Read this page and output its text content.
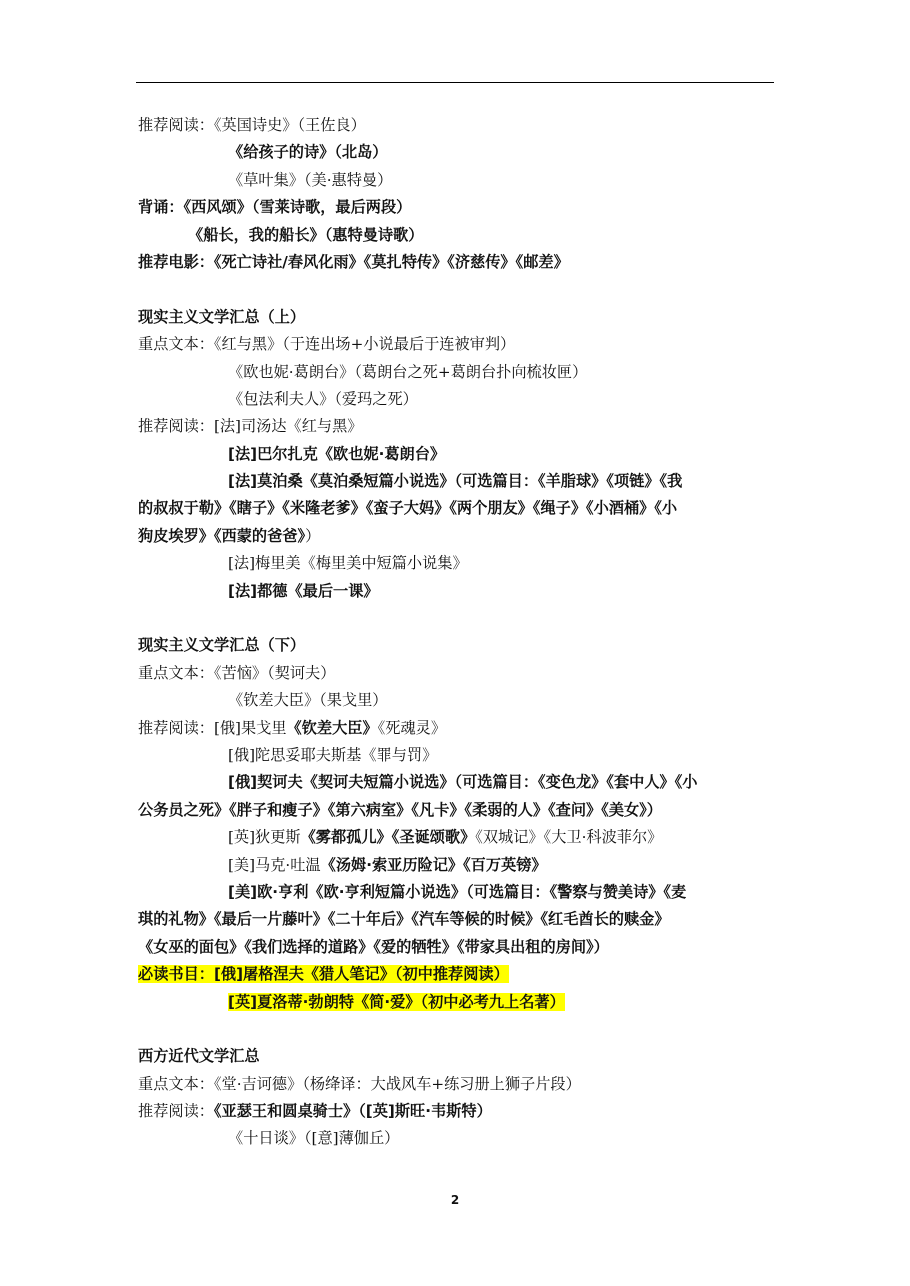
推荐阅读：《英国诗史》（王佐良）
《给孩子的诗》（北岛）
《草叶集》（美·惠特曼）
背诵：《西风颂》（雪莱诗歌，最后两段）
《船长，我的船长》（惠特曼诗歌）
推荐电影：《死亡诗社/春风化雨》《莫扎特传》《济慈传》《邮差》
现实主义文学汇总（上）
重点文本：《红与黑》（于连出场+小说最后于连被审判）
《欧也妮·葛朗台》（葛朗台之死+葛朗台扑向梳妆匣）
《包法利夫人》（爱玛之死）
推荐阅读：[法]司汤达《红与黑》
[法]巴尔扎克《欧也妮·葛朗台》
[法]莫泊桑《莫泊桑短篇小说选》（可选篇目：《羊脂球》《项链》《我
的叔叔于勒》《瞎子》《米隆老爹》《蛮子大妈》《两个朋友》《绳子》《小酒桶》《小
狗皮埃罗》《西蒙的爸爸》）
[法]梅里美《梅里美中短篇小说集》
[法]都德《最后一课》
现实主义文学汇总（下）
重点文本：《苦恼》（契诃夫）
《钦差大臣》（果戈里）
推荐阅读：[俄]果戈里《钦差大臣》《死魂灵》
[俄]陀思妥耶夫斯基《罪与罚》
[俄]契诃夫《契诃夫短篇小说选》（可选篇目：《变色龙》《套中人》《小
公务员之死》《胖子和瘦子》《第六病室》《凡卡》《柔弱的人》《查问》《美女》）
[英]狄更斯《雾都孤儿》《圣诞颂歌》《双城记》《大卫·科波菲尔》
[美]马克·吐温《汤姆·索亚历险记》《百万英镑》
[美]欧·亨利《欧·亨利短篇小说选》（可选篇目：《警察与赞美诗》《麦
琪的礼物》《最后一片藤叶》《二十年后》《汽车等候的时候》《红毛酋长的赎金》
《女巫的面包》《我们选择的道路》《爱的牺牲》《带家具出租的房间》）
必读书目：[俄]屠格涅夫《猎人笔记》（初中推荐阅读）
[英]夏洛蒂·勃朗特《简·爱》（初中必考九上名著）
西方近代文学汇总
重点文本：《堂·吉诃德》（杨绛译：大战风车+练习册上狮子片段）
推荐阅读：《亚瑟王和圆桌骑士》（[英]斯旺·韦斯特）
《十日谈》（[意]薄伽丘）
2
